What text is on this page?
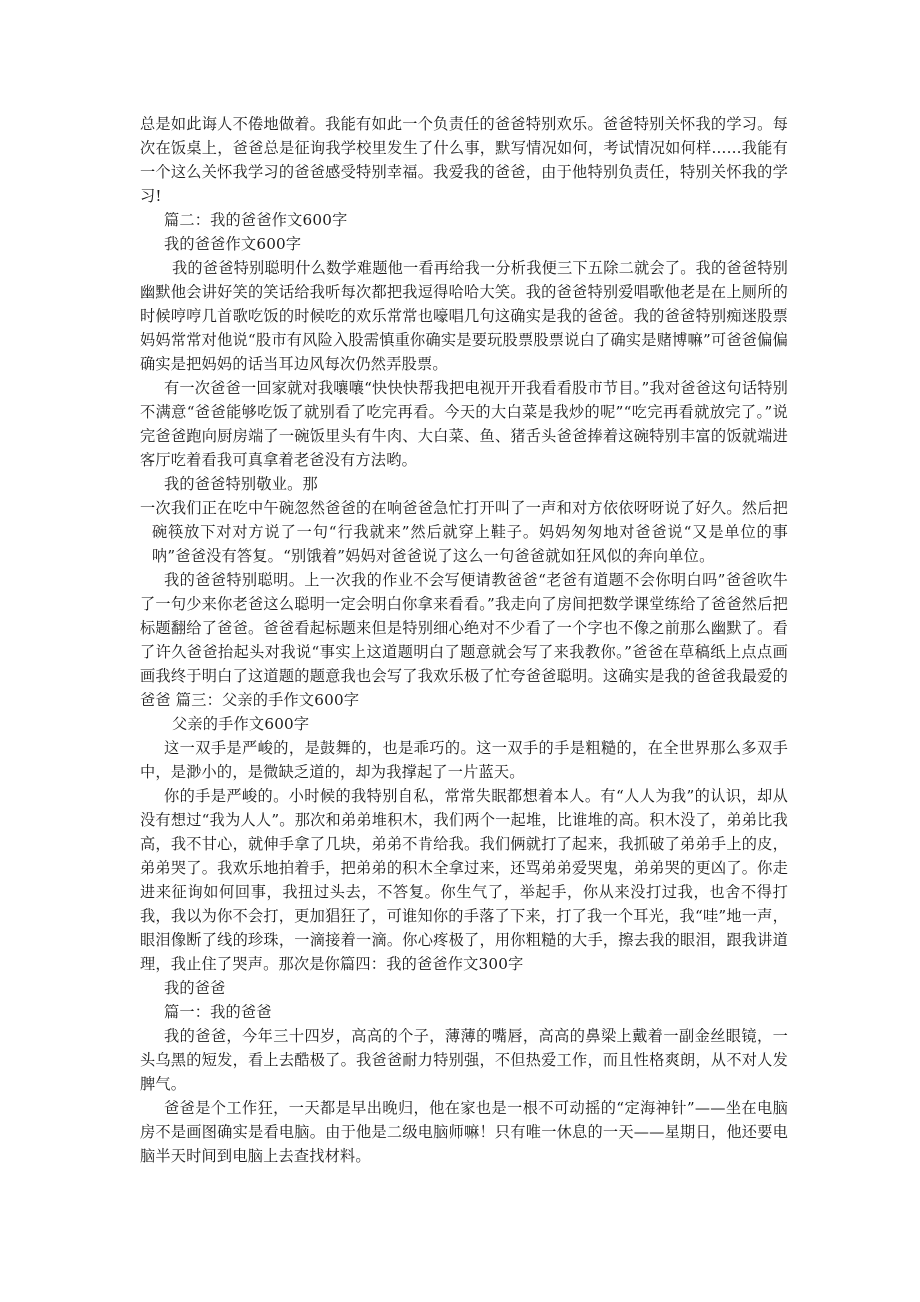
总是如此诲人不倦地做着。我能有如此一个负责任的爸爸特别欢乐。爸爸特别关怀我的学习。每次在饭桌上，爸爸总是征询我学校里发生了什么事，默写情况如何，考试情况如何样......我能有一个这么关怀我学习的爸爸感受特别幸福。我爱我的爸爸，由于他特别负责任，特别关怀我的学习!

篇二：我的爸爸作文600字

我的爸爸作文600字

我的爸爸特别聪明什么数学难题他一看再给我一分析我便三下五除二就会了。我的爸爸特别幽默他会讲好笑的笑话给我听每次都把我逗得哈哈大笑。我的爸爸特别爱唱歌他老是在上厕所的时候哼哼几首歌吃饭的时候吃的欢乐常常也嚎唱几句这确实是我的爸爸。我的爸爸特别痴迷股票妈妈常常对他说“股市有风险入股需慎重你确实是要玩股票股票说白了确实是赌博嘛”可爸爸偏偏确实是把妈妈的话当耳边风每次仍然弄股票。

有一次爸爸一回家就对我嚷嚷“快快快帮我把电视开开我看看股市节目。”我对爸爸这句话特别不满意“爸爸能够吃饭了就别看了吃完再看。今天的大白菜是我炒的呢”“吃完再看就放完了。”说完爸爸跑向厨房端了一碗饭里头有牛肉、大白菜、鱼、猪舌头爸爸捧着这碗特别丰富的饭就端进客厅吃着看我可真拿着老爸没有方法哟。

我的爸爸特别敬业。那

一次我们正在吃中午碗忽然爸爸的在响爸爸急忙打开叫了一声和对方依依呀呀说了好久。然后把碗筷放下对对方说了一句“行我就来”然后就穿上鞋子。妈妈匆匆地对爸爸说“又是单位的事呐”爸爸没有答复。“别饿着”妈妈对爸爸说了这么一句爸爸就如狂风似的奔向单位。

我的爸爸特别聪明。上一次我的作业不会写便请教爸爸“老爸有道题不会你明白吗”爸爸吹牛了一句少来你老爸这么聪明一定会明白你拿来看看。”我走向了房间把数学课堂练给了爸爸然后把标题翻给了爸爸。爸爸看起标题来但是特别细心绝对不少看了一个字也不像之前那么幽默了。看了许久爸爸抬起头对我说“事实上这道题明白了题意就会写了来我教你。”爸爸在草稿纸上点点画画我终于明白了这道题的题意我也会写了我欢乐极了忙夸爸爸聪明。这确实是我的爸爸我最爱的爸爸 篇三：父亲的手作文600字

父亲的手作文600字

这一双手是严峻的，是鼓舞的，也是乖巧的。这一双手的手是粗糙的，在全世界那么多双手中，是渺小的，是微缺乏道的，却为我撑起了一片蓝天。

你的手是严峻的。小时候的我特别自私，常常失眠都想着本人。有“人人为我”的认识，却从没有想过“我为人人”。那次和弟弟堆积木，我们两个一起堆，比谁堆的高。积木没了，弟弟比我高，我不甘心，就伸手拿了几块，弟弟不肯给我。我们俩就打了起来，我抓破了弟弟手上的皮，弟弟哭了。我欢乐地拍着手，把弟弟的积木全拿过来，还骂弟弟爱哭鬼，弟弟哭的更凶了。你走进来征询如何回事，我扭过头去，不答复。你生气了，举起手，你从来没打过我，也舍不得打我，我以为你不会打，更加猖狂了，可谁知你的手落了下来，打了我一个耳光，我“哇”地一声，眼泪像断了线的珍珠，一滴接着一滴。你心疼极了，用你粗糙的大手，擦去我的眼泪，跟我讲道理，我止住了哭声。那次是你篇四：我的爸爸作文300字

我的爸爸

篇一：我的爸爸

我的爸爸，今年三十四岁，高高的个子，薄薄的嘴唇，高高的鼻梁上戴着一副金丝眼镜，一头乌黑的短发，看上去酷极了。我爸爸耐力特别强，不但热爱工作，而且性格爽朗，从不对人发脾气。

爸爸是个工作狂，一天都是早出晚归，他在家也是一根不可动摇的“定海神针”——坐在电脑房不是画图确实是看电脑。由于他是二级电脑师嘛！只有唯一休息的一天——星期日，他还要电脑半天时间到电脑上去查找材料。
